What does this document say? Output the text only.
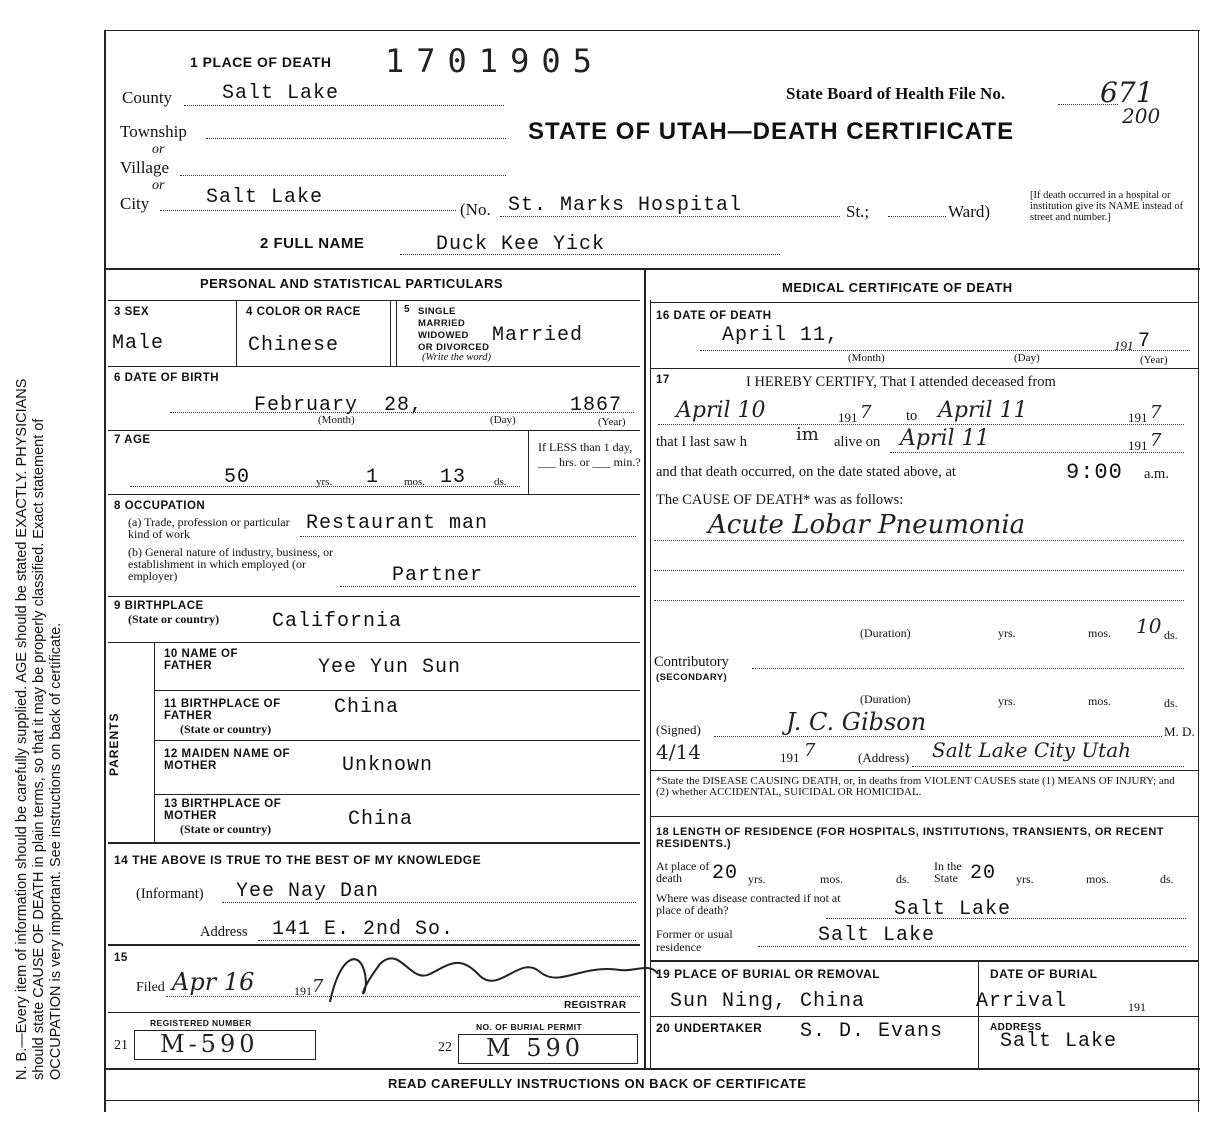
N. B.—Every item of information should be carefully supplied. AGE should be stated EXACTLY. PHYSICIANS should state CAUSE OF DEATH in plain terms, so that it may be properly classified. Exact statement of OCCUPATION is very important. See instructions on back of certificate.
1 PLACE OF DEATH 1701905
State Board of Health File No.	671
200
County Salt Lake
STATE OF UTAH—DEATH CERTIFICATE
Township
or
Village
or
City	Salt Lake
(No. St. Marks Hospital	St.;	Ward)
[If death occurred in a hospital or institution give its NAME instead of street and number.]
2 FULL NAME	Duck Kee Yick
PERSONAL AND STATISTICAL PARTICULARS
3 SEX
Male
4 COLOR OR RACE
Chinese
5 SINGLE
MARRIED
WIDOWED
OR DIVORCED
(Write the word)
Married
6 DATE OF BIRTH
February 28,	1867
(Month)	(Day)	(Year)
7 AGE
50	yrs. 1 mos. 13	ds.
If LESS than 1 day, ___ hrs. or ___ min.?
8 OCCUPATION
(a) Trade, profession or particular kind of work	Restaurant man
(b) General nature of industry, business, or establishment in which employed (or employer)	Partner
9 BIRTHPLACE
(State or country)	California
PARENTS
10 NAME OF FATHER	Yee Yun Sun
11 BIRTHPLACE OF FATHER
(State or country)
China
12 MAIDEN NAME OF MOTHER	Unknown
13 BIRTHPLACE OF MOTHER
(State or country)	China
14 THE ABOVE IS TRUE TO THE BEST OF MY KNOWLEDGE
(Informant) Yee Nay Dan
Address 141 E. 2nd So.
15
Filed Apr 16	191 7
REGISTRAR
REGISTERED NUMBER
21 M-590
NO. OF BURIAL PERMIT
22 M 590
MEDICAL CERTIFICATE OF DEATH
16 DATE OF DEATH
April 11,	191 7
(Month)	(Day)	(Year)
17	I HEREBY CERTIFY, That I attended deceased from
April 10	191 7 to April 11	191 7
that I last saw h	im alive on April 11	191 7
and that death occurred, on the date stated above, at	9:00 a.m.
The CAUSE OF DEATH* was as follows:
Acute Lobar Pneumonia
(Duration)	yrs.	mos. 10 ds.
Contributory
(SECONDARY)
(Duration)	yrs.	mos.	ds.
(Signed)	J. C. Gibson	M. D.
4/14	191 7	(Address) Salt Lake City Utah
*State the DISEASE CAUSING DEATH, or, in deaths from VIOLENT CAUSES state (1) MEANS OF INJURY; and (2) whether ACCIDENTAL, SUICIDAL OR HOMICIDAL.
18 LENGTH OF RESIDENCE (FOR HOSPITALS, INSTITUTIONS, TRANSIENTS, OR RECENT RESIDENTS.)
At place of death	20 yrs.	mos.	ds.
In the State 20 yrs.	mos.	ds.
Where was disease contracted if not at place of death?	Salt Lake
Former or usual residence	Salt Lake
19 PLACE OF BURIAL OR REMOVAL
Sun Ning, China
DATE OF BURIAL
Arrival	191
20 UNDERTAKER S. D. Evans	ADDRESS
Salt Lake
READ CAREFULLY INSTRUCTIONS ON BACK OF CERTIFICATE
